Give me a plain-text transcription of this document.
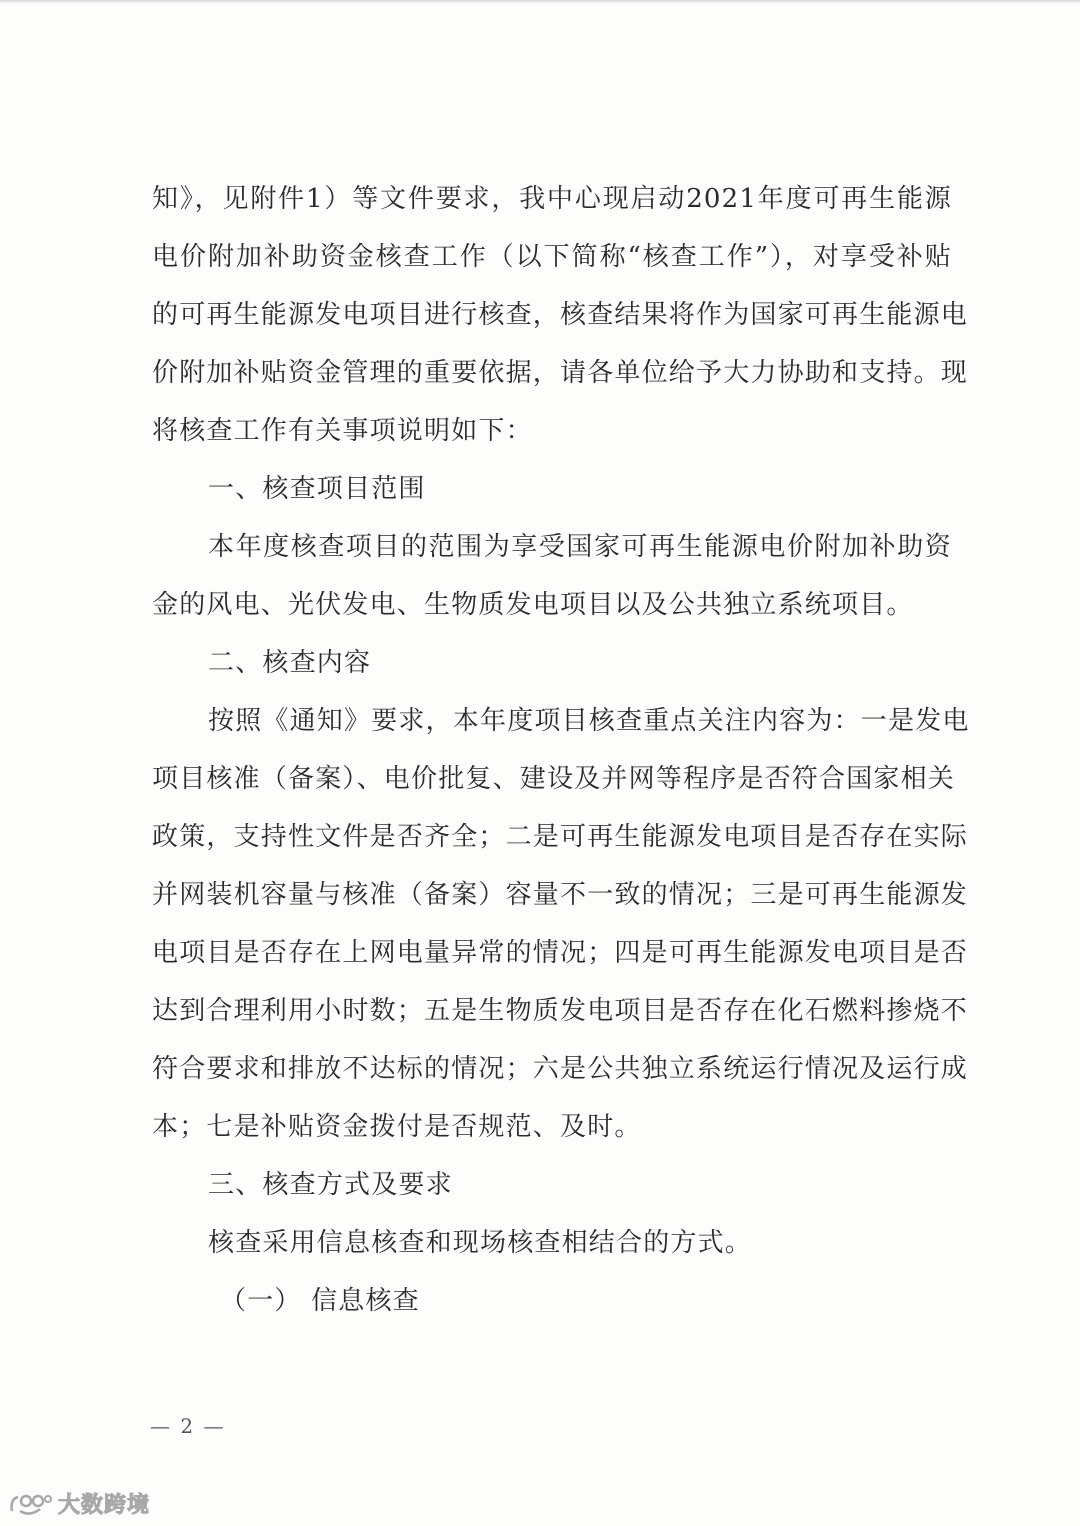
知》，见附件1）等文件要求，我中心现启动2021年度可再生能源
电价附加补助资金核查工作（以下简称“核查工作”），对享受补贴
的可再生能源发电项目进行核查，核查结果将作为国家可再生能源电
价附加补贴资金管理的重要依据，请各单位给予大力协助和支持。现
将核查工作有关事项说明如下：
一、核查项目范围
本年度核查项目的范围为享受国家可再生能源电价附加补助资
金的风电、光伏发电、生物质发电项目以及公共独立系统项目。
二、核查内容
按照《通知》要求，本年度项目核查重点关注内容为：一是发电
项目核准（备案）、电价批复、建设及并网等程序是否符合国家相关
政策，支持性文件是否齐全；二是可再生能源发电项目是否存在实际
并网装机容量与核准（备案）容量不一致的情况；三是可再生能源发
电项目是否存在上网电量异常的情况；四是可再生能源发电项目是否
达到合理利用小时数；五是生物质发电项目是否存在化石燃料掺烧不
符合要求和排放不达标的情况；六是公共独立系统运行情况及运行成
本；七是补贴资金拨付是否规范、及时。
三、核查方式及要求
核查采用信息核查和现场核查相结合的方式。
（一） 信息核查
— 2 —
大数跨境
